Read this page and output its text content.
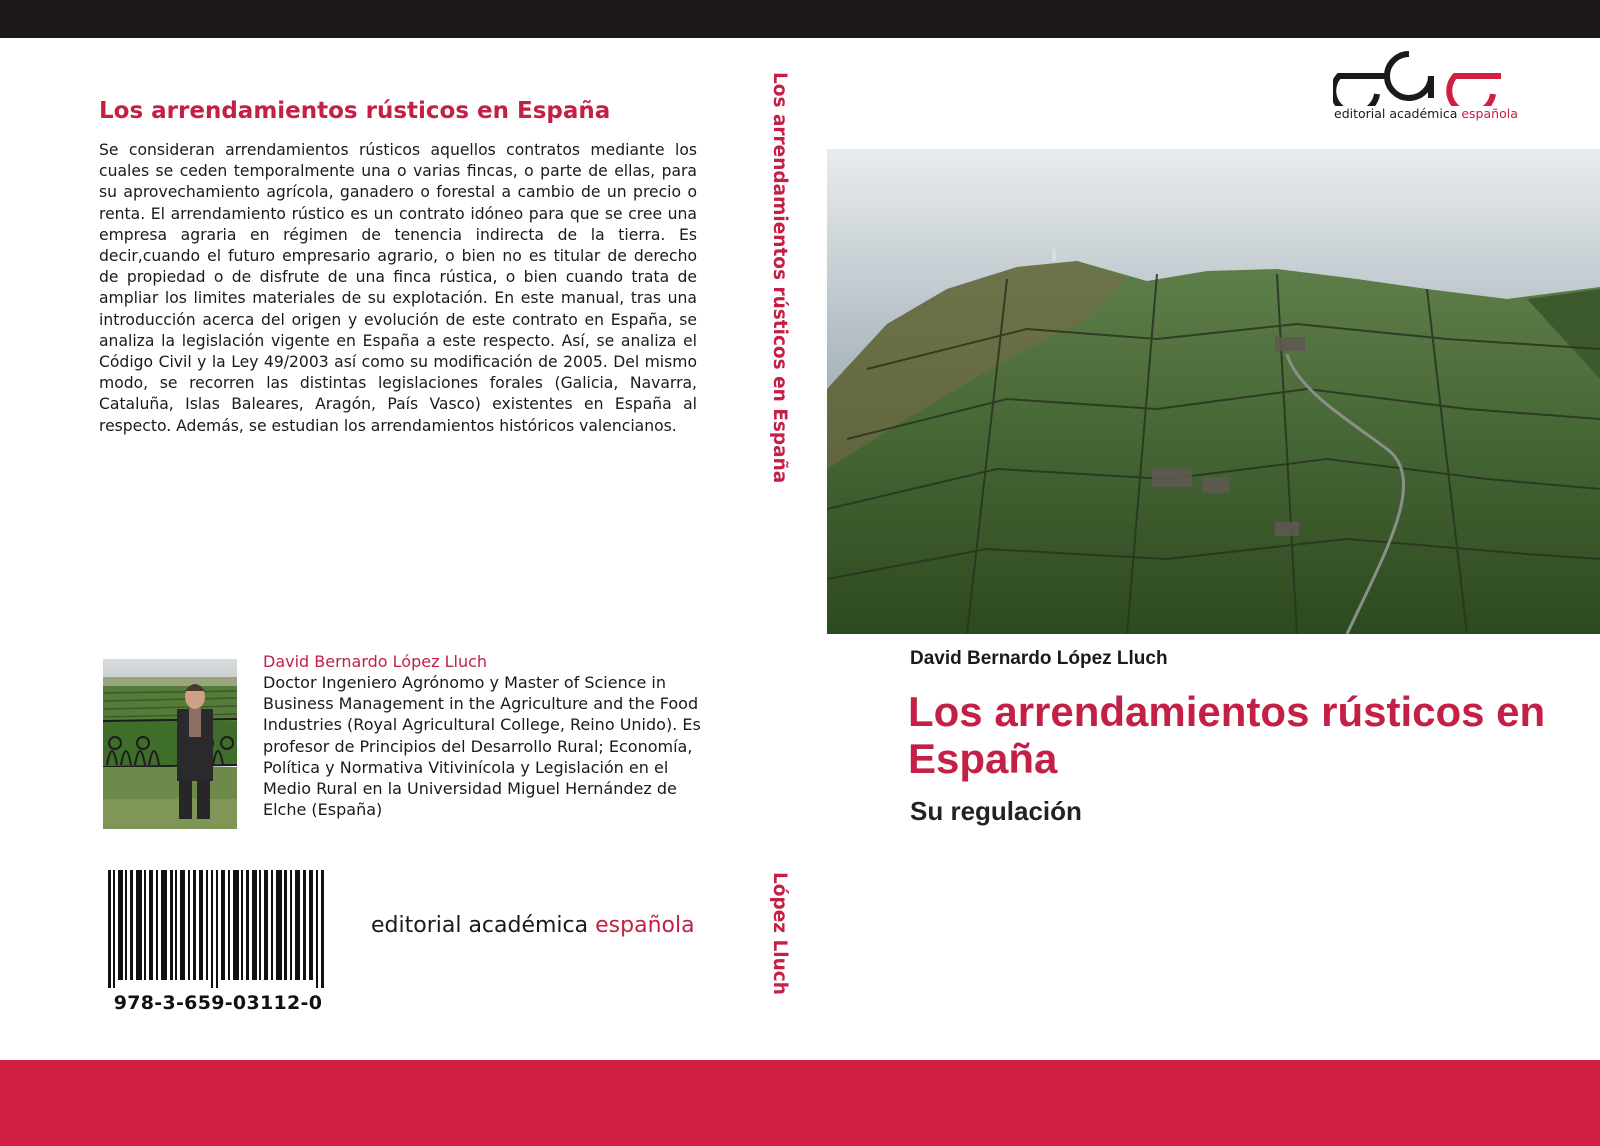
Los arrendamientos rústicos en España

Se consideran arrendamientos rústicos aquellos contratos mediante los cuales se ceden temporalmente una o varias fincas, o parte de ellas, para su aprovechamiento agrícola, ganadero o forestal a cambio de un precio o renta. El arrendamiento rústico es un contrato idóneo para que se cree una empresa agraria en régimen de tenencia indirecta de la tierra. Es decir,cuando el futuro empresario agrario, o bien no es titular de derecho de propiedad o de disfrute de una finca rústica, o bien cuando trata de ampliar los limites materiales de su explotación. En este manual, tras una introducción acerca del origen y evolución de este contrato en España, se analiza la legislación vigente en España a este respecto. Así, se analiza el Código Civil y la Ley 49/2003 así como su modificación de 2005. Del mismo modo, se recorren las distintas legislaciones forales (Galicia, Navarra, Cataluña, Islas Baleares, Aragón, País Vasco) existentes en España al respecto. Además, se estudian los arrendamientos históricos valencianos.

David Bernardo López Lluch

Doctor Ingeniero Agrónomo y Master of Science in Business Management in the Agriculture and the Food Industries (Royal Agricultural College, Reino Unido). Es profesor de Principios del Desarrollo Rural; Economía, Política y Normativa Vitivinícola y Legislación en el Medio Rural en la Universidad Miguel Hernández de Elche (España)

978-3-659-03112-0

editorial académica española

Los arrendamientos rústicos en España

López Lluch

editorial académica española

David Bernardo López Lluch

Los arrendamientos rústicos en España

Su regulación
